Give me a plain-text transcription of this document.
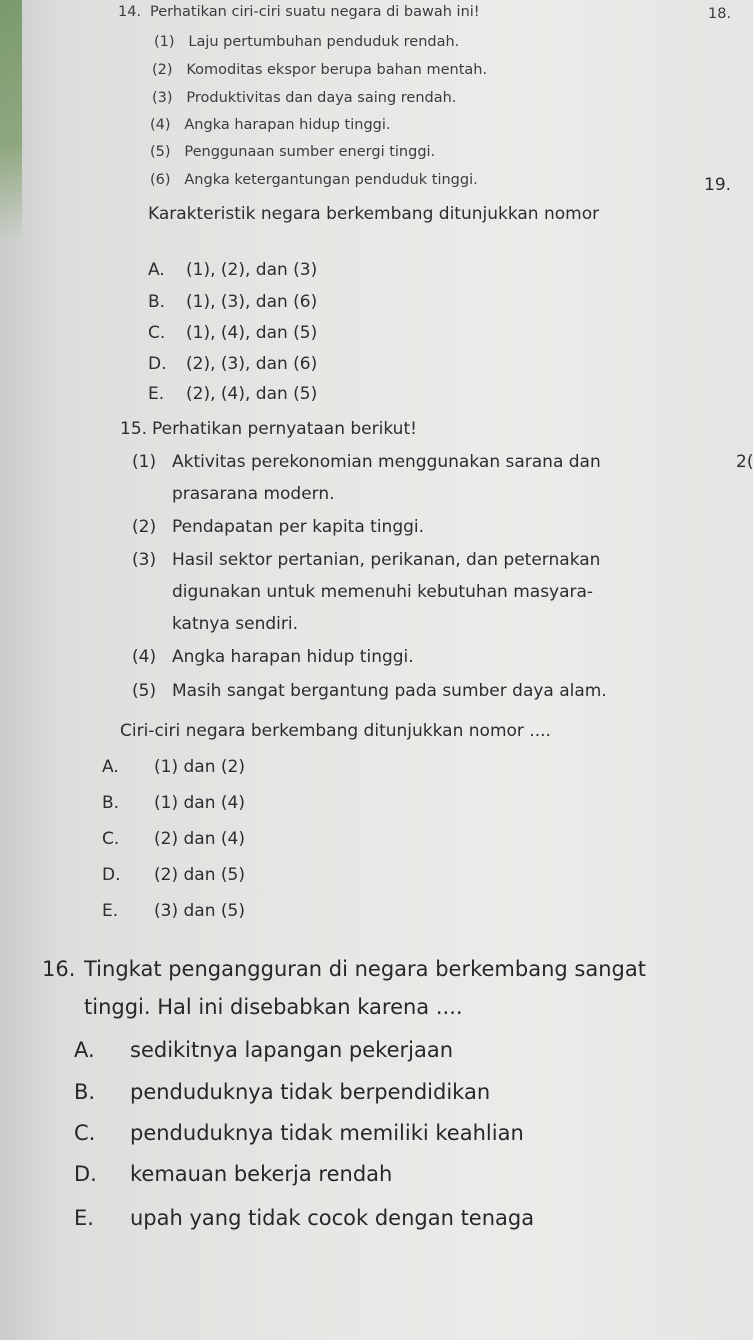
14. Perhatikan ciri-ciri suatu negara di bawah ini!	18.
(1) Laju pertumbuhan penduduk rendah.
(2) Komoditas ekspor berupa bahan mentah.
(3) Produktivitas dan daya saing rendah.
(4) Angka harapan hidup tinggi.
(5) Penggunaan sumber energi tinggi.
(6) Angka ketergantungan penduduk tinggi.	19.
Karakteristik negara berkembang ditunjukkan nomor
A. (1), (2), dan (3)
B. (1), (3), dan (6)
C. (1), (4), dan (5)
D. (2), (3), dan (6)
E. (2), (4), dan (5)
15. Perhatikan pernyataan berikut!
(1) Aktivitas perekonomian menggunakan sarana dan	2(
prasarana modern.
(2) Pendapatan per kapita tinggi.
(3) Hasil sektor pertanian, perikanan, dan peternakan
digunakan untuk memenuhi kebutuhan masyara-
katnya sendiri.
(4) Angka harapan hidup tinggi.
(5) Masih sangat bergantung pada sumber daya alam.
Ciri-ciri negara berkembang ditunjukkan nomor ....
A. (1) dan (2)
B. (1) dan (4)
C. (2) dan (4)
D. (2) dan (5)
E. (3) dan (5)
16. Tingkat pengangguran di negara berkembang sangat
tinggi. Hal ini disebabkan karena ....
A. sedikitnya lapangan pekerjaan
B. penduduknya tidak berpendidikan
C. penduduknya tidak memiliki keahlian
D. kemauan bekerja rendah
E. upah yang tidak cocok dengan tenaga
